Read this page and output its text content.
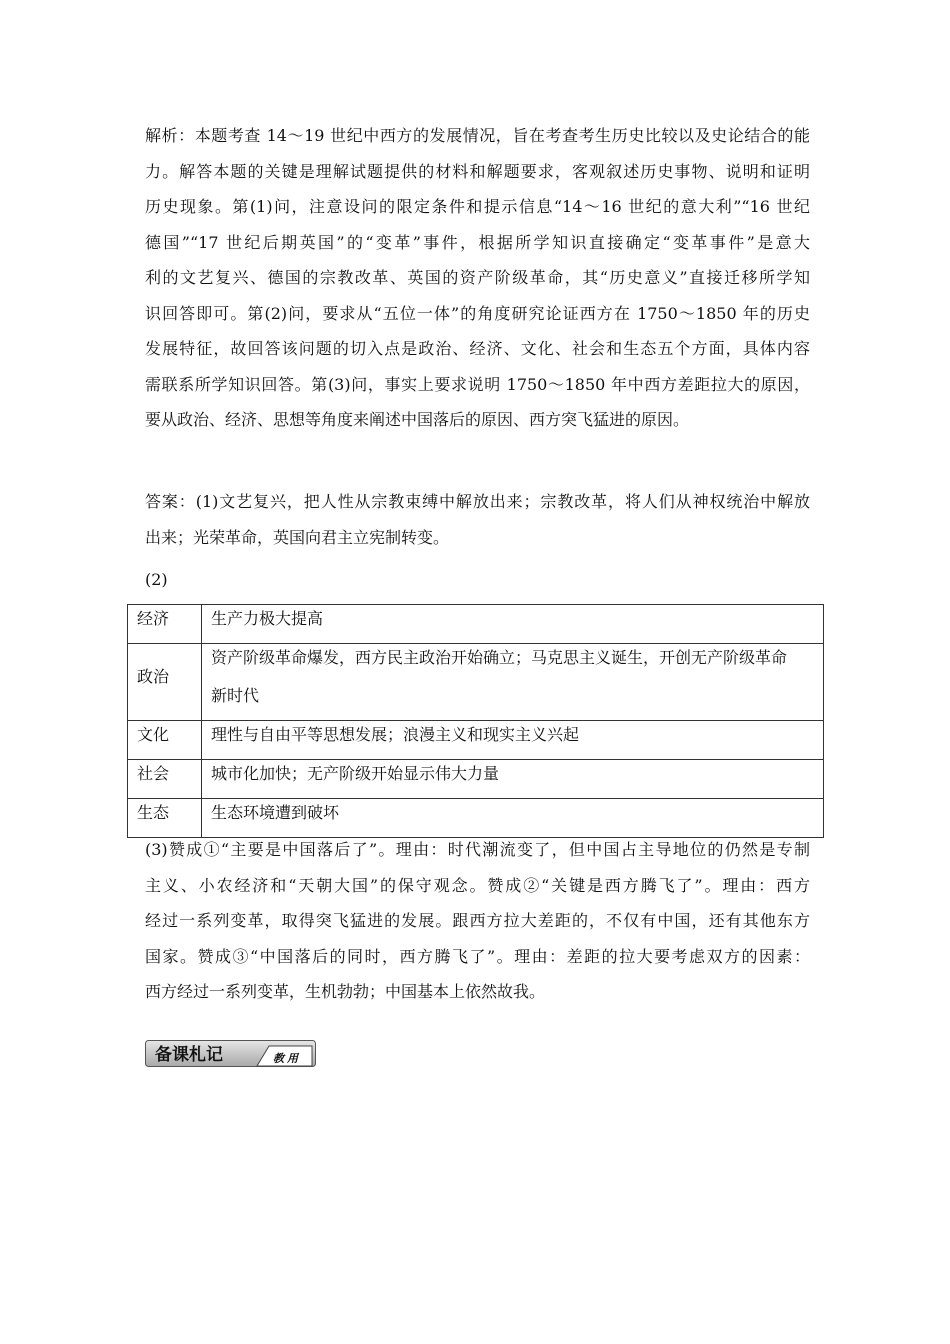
解析：本题考查 14～19 世纪中西方的发展情况，旨在考查考生历史比较以及史论结合的能
力。解答本题的关键是理解试题提供的材料和解题要求，客观叙述历史事物、说明和证明
历史现象。第(1)问，注意设问的限定条件和提示信息“14～16 世纪的意大利”“16 世纪
德国”“17 世纪后期英国”的“变革”事件，根据所学知识直接确定“变革事件”是意大
利的文艺复兴、德国的宗教改革、英国的资产阶级革命，其“历史意义”直接迁移所学知
识回答即可。第(2)问，要求从“五位一体”的角度研究论证西方在 1750～1850 年的历史
发展特征，故回答该问题的切入点是政治、经济、文化、社会和生态五个方面，具体内容
需联系所学知识回答。第(3)问，事实上要求说明 1750～1850 年中西方差距拉大的原因，
要从政治、经济、思想等角度来阐述中国落后的原因、西方突飞猛进的原因。
答案：(1)文艺复兴，把人性从宗教束缚中解放出来；宗教改革，将人们从神权统治中解放
出来；光荣革命，英国向君主立宪制转变。
(2)
经济	生产力极大提高

政治	资产阶级革命爆发，西方民主政治开始确立；马克思主义诞生，开创无产阶级革命
新时代

文化	理性与自由平等思想发展；浪漫主义和现实主义兴起

社会	城市化加快；无产阶级开始显示伟大力量

生态	生态环境遭到破坏
(3)赞成①“主要是中国落后了”。理由：时代潮流变了，但中国占主导地位的仍然是专制
主义、小农经济和“天朝大国”的保守观念。赞成②“关键是西方腾飞了”。理由：西方
经过一系列变革，取得突飞猛进的发展。跟西方拉大差距的，不仅有中国，还有其他东方
国家。赞成③“中国落后的同时，西方腾飞了”。理由：差距的拉大要考虑双方的因素：
西方经过一系列变革，生机勃勃；中国基本上依然故我。
备课札记	教用
